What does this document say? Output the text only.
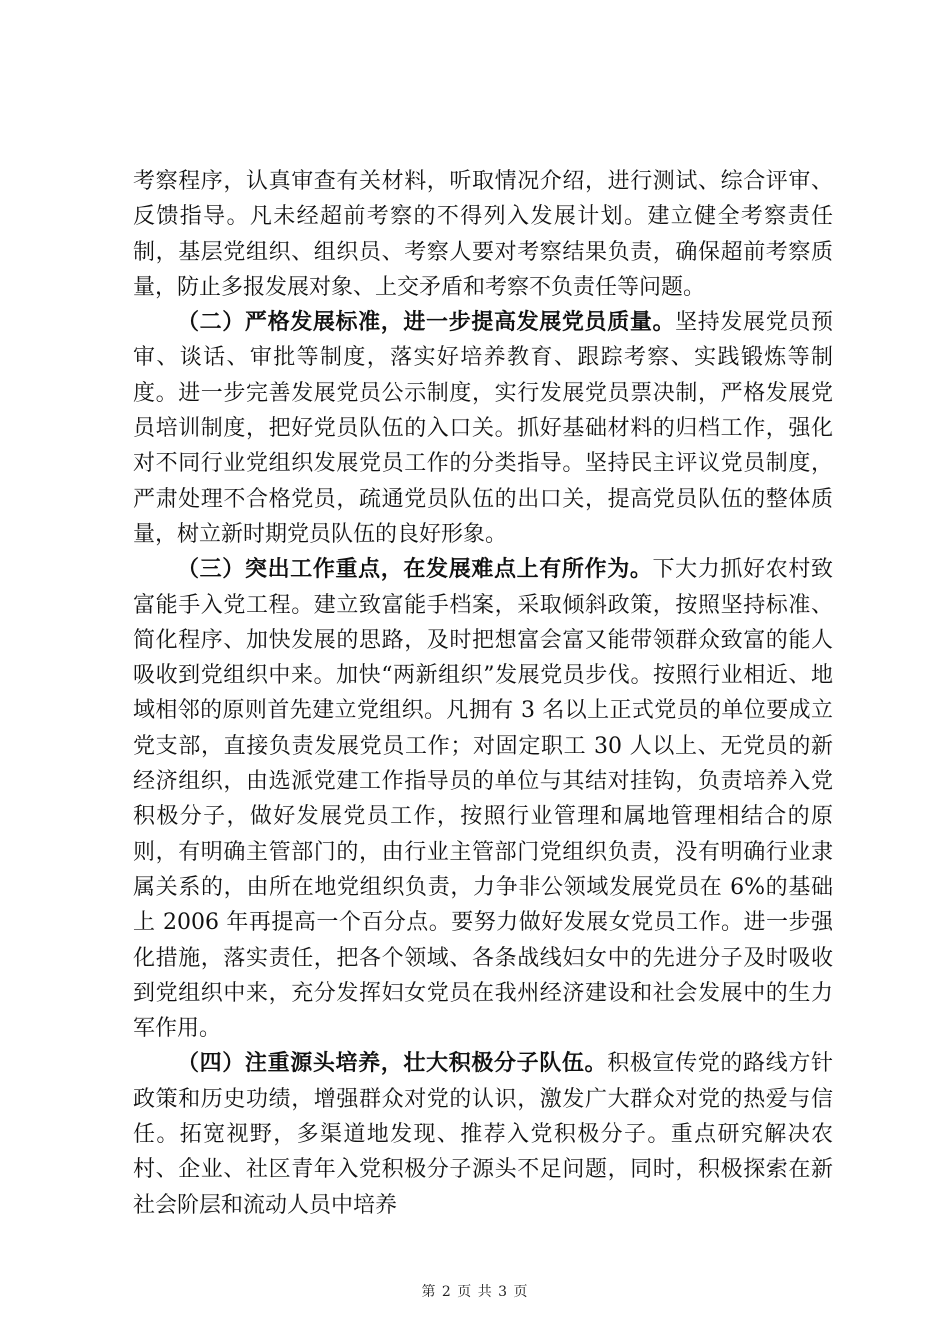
考察程序，认真审查有关材料，听取情况介绍，进行测试、综合评审、反馈指导。凡未经超前考察的不得列入发展计划。建立健全考察责任制，基层党组织、组织员、考察人要对考察结果负责，确保超前考察质量，防止多报发展对象、上交矛盾和考察不负责任等问题。

（二）严格发展标准，进一步提高发展党员质量。坚持发展党员预审、谈话、审批等制度，落实好培养教育、跟踪考察、实践锻炼等制度。进一步完善发展党员公示制度，实行发展党员票决制，严格发展党员培训制度，把好党员队伍的入口关。抓好基础材料的归档工作，强化对不同行业党组织发展党员工作的分类指导。坚持民主评议党员制度，严肃处理不合格党员，疏通党员队伍的出口关，提高党员队伍的整体质量，树立新时期党员队伍的良好形象。

（三）突出工作重点，在发展难点上有所作为。下大力抓好农村致富能手入党工程。建立致富能手档案，采取倾斜政策，按照坚持标准、简化程序、加快发展的思路，及时把想富会富又能带领群众致富的能人吸收到党组织中来。加快“两新组织”发展党员步伐。按照行业相近、地域相邻的原则首先建立党组织。凡拥有 3 名以上正式党员的单位要成立党支部，直接负责发展党员工作；对固定职工 30 人以上、无党员的新经济组织，由选派党建工作指导员的单位与其结对挂钩，负责培养入党积极分子，做好发展党员工作，按照行业管理和属地管理相结合的原则，有明确主管部门的，由行业主管部门党组织负责，没有明确行业隶属关系的，由所在地党组织负责，力争非公领域发展党员在 6%的基础上 2006 年再提高一个百分点。要努力做好发展女党员工作。进一步强化措施，落实责任，把各个领域、各条战线妇女中的先进分子及时吸收到党组织中来，充分发挥妇女党员在我州经济建设和社会发展中的生力军作用。

（四）注重源头培养，壮大积极分子队伍。积极宣传党的路线方针政策和历史功绩，增强群众对党的认识，激发广大群众对党的热爱与信任。拓宽视野，多渠道地发现、推荐入党积极分子。重点研究解决农村、企业、社区青年入党积极分子源头不足问题，同时，积极探索在新社会阶层和流动人员中培养

第 2 页 共 3 页
